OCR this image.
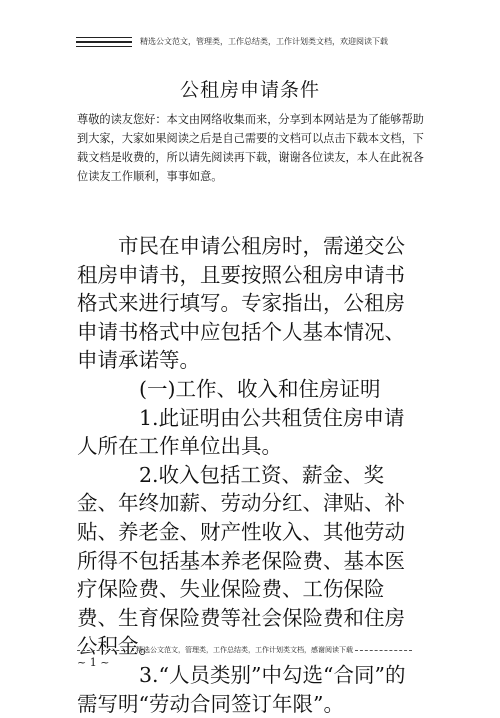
精选公文范文，管理类，工作总结类，工作计划类文档，欢迎阅读下载
公租房申请条件
尊敬的读友您好：本文由网络收集而来，分享到本网站是为了能够帮助到大家，大家如果阅读之后是自己需要的文档可以点击下载本文档，下载文档是收费的，所以请先阅读再下载，谢谢各位读友，本人在此祝各位读友工作顺利，事事如意。

市民在申请公租房时，需递交公租房申请书，且要按照公租房申请书格式来进行填写。专家指出，公租房申请书格式中应包括个人基本情况、申请承诺等。

(一)工作、收入和住房证明

1.此证明由公共租赁住房申请人所在工作单位出具。

2.收入包括工资、薪金、奖金、年终加薪、劳动分红、津贴、补贴、养老金、财产性收入、其他劳动所得不包括基本养老保险费、基本医疗保险费、失业保险费、工伤保险费、生育保险费等社会保险费和住房公积金。

3.“人员类别”中勾选“合同”的需写明“劳动合同签订年限”。

精选公文范文，管理类，工作总结类，工作计划类文档，感谢阅读下载
~ 1 ~
